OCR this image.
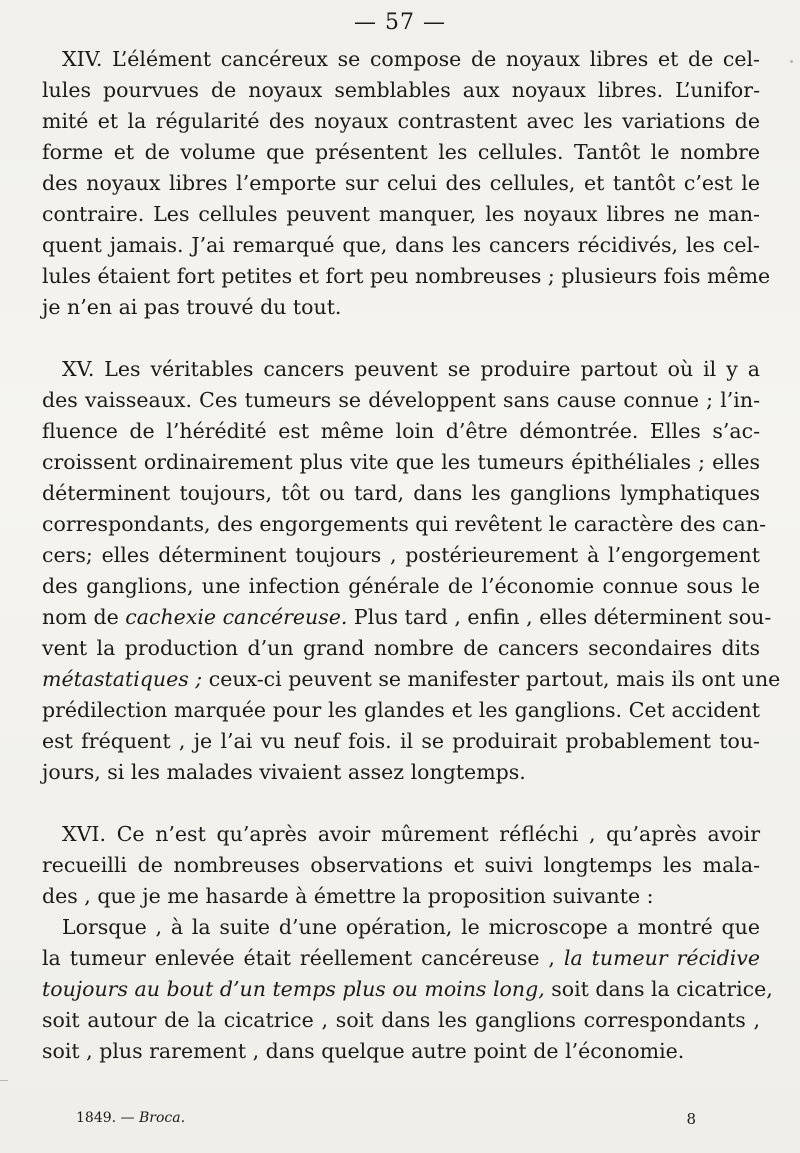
— 57 —
XIV. L’élément cancéreux se compose de noyaux libres et de cel-
lules pourvues de noyaux semblables aux noyaux libres. L’unifor-
mité et la régularité des noyaux contrastent avec les variations de
forme et de volume que présentent les cellules. Tantôt le nombre
des noyaux libres l’emporte sur celui des cellules, et tantôt c’est le
contraire. Les cellules peuvent manquer, les noyaux libres ne man-
quent jamais. J’ai remarqué que, dans les cancers récidivés, les cel-
lules étaient fort petites et fort peu nombreuses ; plusieurs fois même
je n’en ai pas trouvé du tout.
XV. Les véritables cancers peuvent se produire partout où il y a
des vaisseaux. Ces tumeurs se développent sans cause connue ; l’in-
fluence de l’hérédité est même loin d’être démontrée. Elles s’ac-
croissent ordinairement plus vite que les tumeurs épithéliales ; elles
déterminent toujours, tôt ou tard, dans les ganglions lymphatiques
correspondants, des engorgements qui revêtent le caractère des can-
cers; elles déterminent toujours , postérieurement à l’engorgement
des ganglions, une infection générale de l’économie connue sous le
nom de cachexie cancéreuse. Plus tard , enfin , elles déterminent sou-
vent la production d’un grand nombre de cancers secondaires dits
métastatiques ; ceux-ci peuvent se manifester partout, mais ils ont une
prédilection marquée pour les glandes et les ganglions. Cet accident
est fréquent , je l’ai vu neuf fois. il se produirait probablement tou-
jours, si les malades vivaient assez longtemps.
XVI. Ce n’est qu’après avoir mûrement réfléchi , qu’après avoir
recueilli de nombreuses observations et suivi longtemps les mala-
des , que je me hasarde à émettre la proposition suivante :
Lorsque , à la suite d’une opération, le microscope a montré que
la tumeur enlevée était réellement cancéreuse , la tumeur récidive
toujours au bout d’un temps plus ou moins long, soit dans la cicatrice,
soit autour de la cicatrice , soit dans les ganglions correspondants ,
soit , plus rarement , dans quelque autre point de l’économie.
1849. — Broca.	8
